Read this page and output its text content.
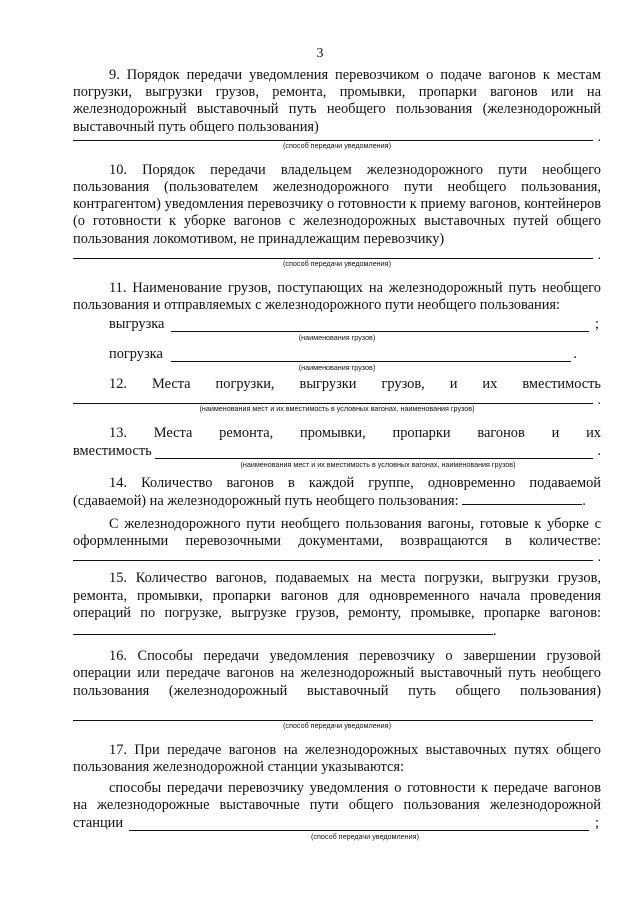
3

9. Порядок передачи уведомления перевозчиком о подаче вагонов к местам погрузки, выгрузки грузов, ремонта, промывки, пропарки вагонов или на железнодорожный выставочный путь необщего пользования (железнодорожный выставочный путь общего пользования)

.
(способ передачи уведомления)

10. Порядок передачи владельцем железнодорожного пути необщего пользования (пользователем железнодорожного пути необщего пользования, контрагентом) уведомления перевозчику о готовности к приему вагонов, контейнеров (о готовности к уборке вагонов с железнодорожных выставочных путей общего пользования локомотивом, не принадлежащим перевозчику)

.
(способ передачи уведомления)

11. Наименование грузов, поступающих на железнодорожный путь необщего пользования и отправляемых с железнодорожного пути необщего пользования:

выгрузка	;
(наименования грузов)
погрузка	.
(наименования грузов)

12. Места погрузки, выгрузки грузов, и их вместимость

.
(наименования мест и их вместимость в условных вагонах, наименования грузов)

13. Места ремонта, промывки, пропарки вагонов и их

вместимость	.
(наименования мест и их вместимость в условных вагонах, наименования грузов)

14. Количество вагонов в каждой группе, одновременно подаваемой (сдаваемой) на железнодорожный путь необщего пользования:	.

С железнодорожного пути необщего пользования вагоны, готовые к уборке с оформленными перевозочными документами, возвращаются в количестве:

.

15. Количество вагонов, подаваемых на места погрузки, выгрузки грузов, ремонта, промывки, пропарки вагонов для одновременного начала проведения операций по погрузке, выгрузке грузов, ремонту, промывке, пропарке вагонов: .

16. Способы передачи уведомления перевозчику о завершении грузовой операции или передаче вагонов на железнодорожный выставочный путь необщего пользования (железнодорожный выставочный путь общего пользования)

(способ передачи уведомления)

17. При передаче вагонов на железнодорожных выставочных путях общего пользования железнодорожной станции указываются:

способы передачи перевозчику уведомления о готовности к передаче вагонов на железнодорожные выставочные пути общего пользования железнодорожной

станции	;
(способ передачи уведомления)
